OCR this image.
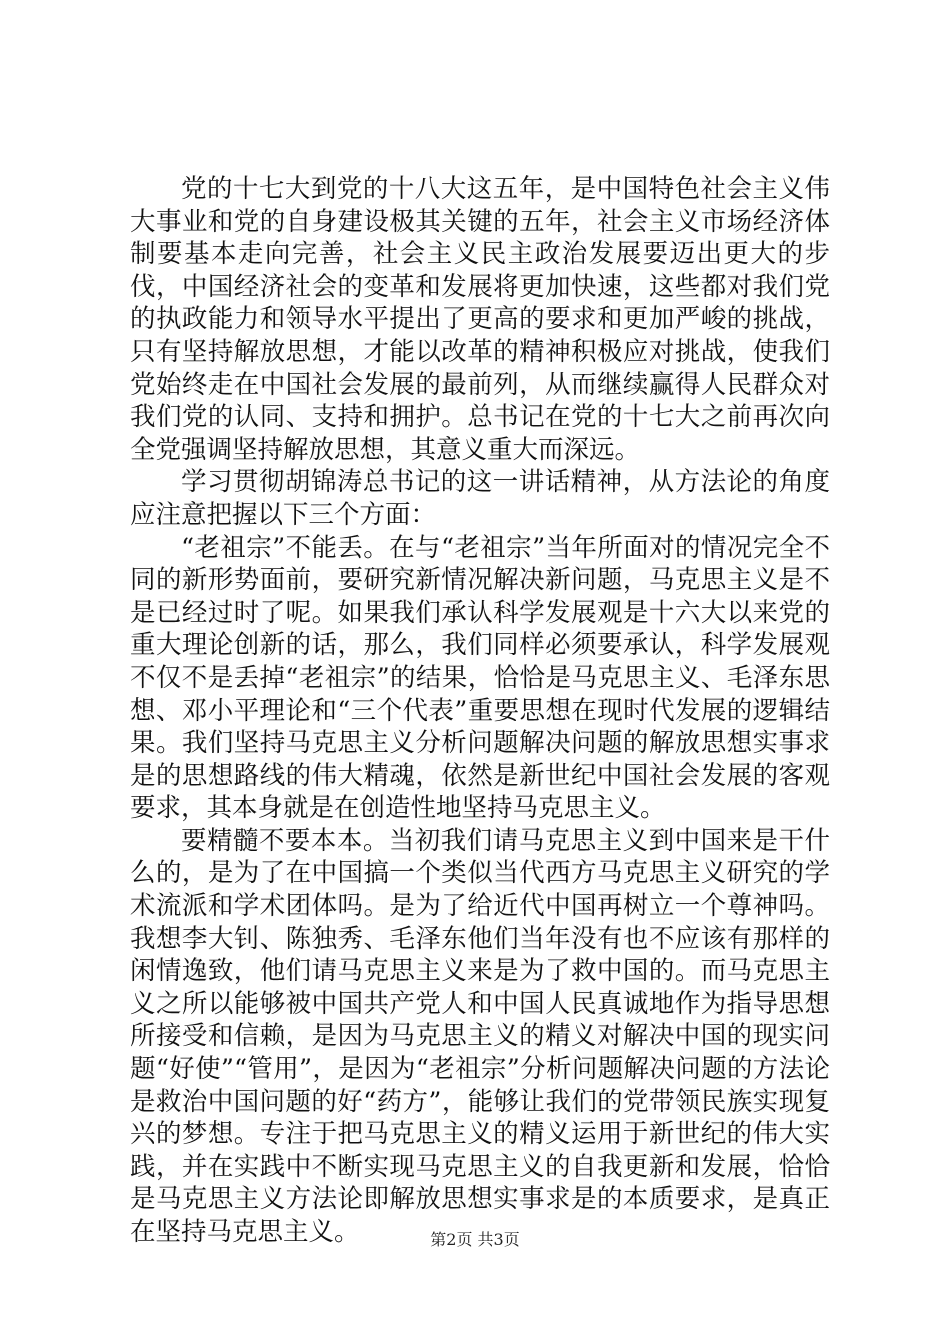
党的十七大到党的十八大这五年，是中国特色社会主义伟大事业和党的自身建设极其关键的五年，社会主义市场经济体制要基本走向完善，社会主义民主政治发展要迈出更大的步伐，中国经济社会的变革和发展将更加快速，这些都对我们党的执政能力和领导水平提出了更高的要求和更加严峻的挑战，只有坚持解放思想，才能以改革的精神积极应对挑战，使我们党始终走在中国社会发展的最前列，从而继续赢得人民群众对我们党的认同、支持和拥护。总书记在党的十七大之前再次向全党强调坚持解放思想，其意义重大而深远。

学习贯彻胡锦涛总书记的这一讲话精神，从方法论的角度应注意把握以下三个方面：

“老祖宗”不能丢。在与“老祖宗”当年所面对的情况完全不同的新形势面前，要研究新情况解决新问题，马克思主义是不是已经过时了呢。如果我们承认科学发展观是十六大以来党的重大理论创新的话，那么，我们同样必须要承认，科学发展观不仅不是丢掉“老祖宗”的结果，恰恰是马克思主义、毛泽东思想、邓小平理论和“三个代表”重要思想在现时代发展的逻辑结果。我们坚持马克思主义分析问题解决问题的解放思想实事求是的思想路线的伟大精魂，依然是新世纪中国社会发展的客观要求，其本身就是在创造性地坚持马克思主义。

要精髓不要本本。当初我们请马克思主义到中国来是干什么的，是为了在中国搞一个类似当代西方马克思主义研究的学术流派和学术团体吗。是为了给近代中国再树立一个尊神吗。我想李大钊、陈独秀、毛泽东他们当年没有也不应该有那样的闲情逸致，他们请马克思主义来是为了救中国的。而马克思主义之所以能够被中国共产党人和中国人民真诚地作为指导思想所接受和信赖，是因为马克思主义的精义对解决中国的现实问题“好使”“管用”，是因为“老祖宗”分析问题解决问题的方法论是救治中国问题的好“药方”，能够让我们的党带领民族实现复兴的梦想。专注于把马克思主义的精义运用于新世纪的伟大实践，并在实践中不断实现马克思主义的自我更新和发展，恰恰是马克思主义方法论即解放思想实事求是的本质要求，是真正在坚持马克思主义。	第2页 共3页
